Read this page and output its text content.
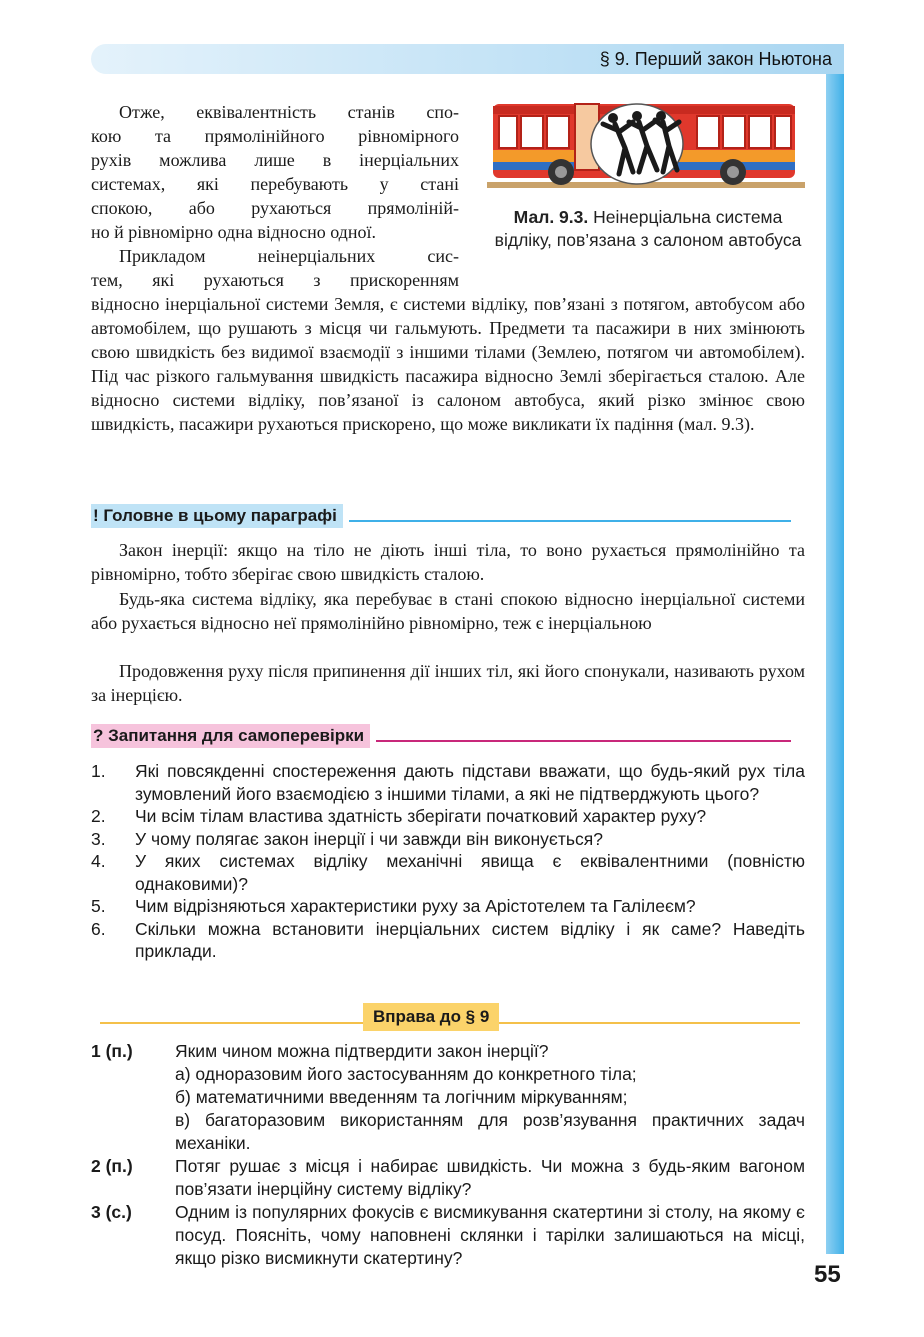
§ 9. Перший закон Ньютона
Отже, еквівалентність станів спо-
кою та прямолінійного рівномірного
рухів можлива лише в інерціальних
системах, які перебувають у стані
спокою, або рухаються прямоліній-
но й рівномірно одна відносно одної.
Прикладом неінерціальних сис-
тем, які рухаються з прискоренням

відносно інерціальної системи Земля, є системи відліку, пов’язані з потягом, автобусом або автомобілем, що рушають з місця чи гальмують. Предмети та пасажири в них змінюють свою швидкість без видимої взаємодії з іншими тілами (Землею, потягом чи автомобілем). Під час різкого гальмування швидкість пасажира відносно Землі зберігається сталою. Але відносно системи відліку, пов’язаної із салоном автобуса, який різко змінює свою швидкість, пасажири рухаються прискорено, що може викликати їх падіння (мал. 9.3).

Мал. 9.3. Неінерціальна система відліку, пов’язана з салоном автобуса
! Головне в цьому параграфі

Закон інерції: якщо на тіло не діють інші тіла, то воно рухається прямолінійно та рівномірно, тобто зберігає свою швидкість сталою.

Будь-яка система відліку, яка перебуває в стані спокою відносно інерціальної системи або рухається відносно неї прямолінійно рівномірно, теж є інерціальною

Продовження руху після припинення дії інших тіл, які його спонукали, називають рухом за інерцією.

? Запитання для самоперевірки
1.	Які повсякденні спостереження дають підстави вважати, що будь-який рух тіла зумовлений його взаємодією з іншими тілами, а які не підтверджують цього?
2.	Чи всім тілам властива здатність зберігати початковий характер руху?
3.	У чому полягає закон інерції і чи завжди він виконується?
4.	У яких системах відліку механічні явища є еквівалентними (повністю однаковими)?
5.	Чим відрізняються характеристики руху за Арістотелем та Галілеєм?
6.	Скільки можна встановити інерціальних систем відліку і як саме? Наведіть приклади.
Вправа до § 9
1 (п.)	Яким чином можна підтвердити закон інерції?
а) одноразовим його застосуванням до конкретного тіла;
б) математичними введенням та логічним міркуванням;
в) багаторазовим використанням для розв’язування практичних задач механіки.
2 (п.)	Потяг рушає з місця і набирає швидкість. Чи можна з будь-яким вагоном пов’язати інерційну систему відліку?
3 (с.)	Одним із популярних фокусів є висмикування скатертини зі столу, на якому є посуд. Поясніть, чому наповнені склянки і тарілки залишаються на місці, якщо різко висмикнути скатертину?
55
